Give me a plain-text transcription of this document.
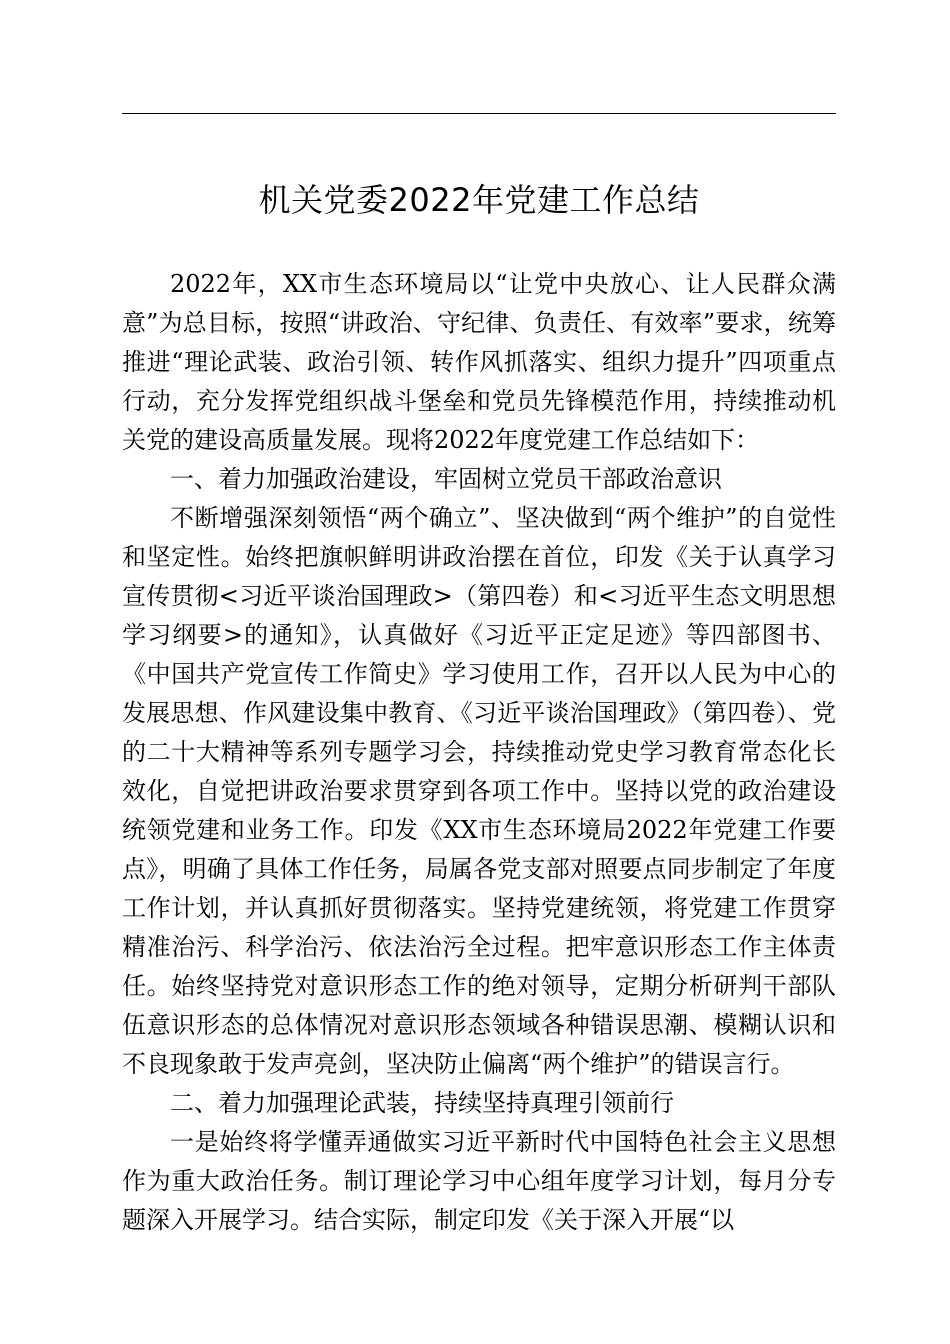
机关党委2022年党建工作总结

2022年，XX市生态环境局以“让党中央放心、让人民群众满意”为总目标，按照“讲政治、守纪律、负责任、有效率”要求，统筹推进“理论武装、政治引领、转作风抓落实、组织力提升”四项重点行动，充分发挥党组织战斗堡垒和党员先锋模范作用，持续推动机关党的建设高质量发展。现将2022年度党建工作总结如下：

一、着力加强政治建设，牢固树立党员干部政治意识

不断增强深刻领悟“两个确立”、坚决做到“两个维护”的自觉性和坚定性。始终把旗帜鲜明讲政治摆在首位，印发《关于认真学习宣传贯彻<习近平谈治国理政>（第四卷）和<习近平生态文明思想学习纲要>的通知》，认真做好《习近平正定足迹》等四部图书、《中国共产党宣传工作简史》学习使用工作，召开以人民为中心的发展思想、作风建设集中教育、《习近平谈治国理政》（第四卷）、党的二十大精神等系列专题学习会，持续推动党史学习教育常态化长效化，自觉把讲政治要求贯穿到各项工作中。坚持以党的政治建设统领党建和业务工作。印发《XX市生态环境局2022年党建工作要点》，明确了具体工作任务，局属各党支部对照要点同步制定了年度工作计划，并认真抓好贯彻落实。坚持党建统领，将党建工作贯穿精准治污、科学治污、依法治污全过程。把牢意识形态工作主体责任。始终坚持党对意识形态工作的绝对领导，定期分析研判干部队伍意识形态的总体情况对意识形态领域各种错误思潮、模糊认识和不良现象敢于发声亮剑，坚决防止偏离“两个维护”的错误言行。

二、着力加强理论武装，持续坚持真理引领前行

一是始终将学懂弄通做实习近平新时代中国特色社会主义思想作为重大政治任务。制订理论学习中心组年度学习计划，每月分专题深入开展学习。结合实际，制定印发《关于深入开展“以
